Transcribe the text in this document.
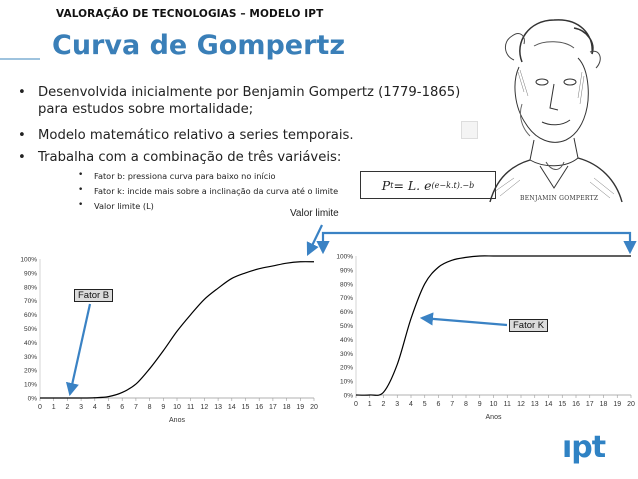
VALORAÇÃO DE TECNOLOGIAS – MODELO IPT
Curva de Gompertz
• Desenvolvida inicialmente por Benjamin Gompertz (1779-1865)
para estudos sobre mortalidade;
• Modelo matemático relativo a series temporais.
• Trabalha com a combinação de três variáveis:
• Fator b: pressiona curva para baixo no início
• Fator k: incide mais sobre a inclinação da curva até o limite
• Valor limite (L)
P t = L. e (e−k.t).−b
BENJAMIN GOMPERTZ
0%
10%
20%
30%
40%
50%
60%
70%
80%
90%
100%
0 1 2 3 4 5 6 7 8 9 10 11 12 13 14 15 16 17 18 19 20
Anos
0%
10%
20%
30%
40%
50%
60%
70%
80%
90%
100%
0 1 2 3 4 5 6 7 8 9 10 11 12 13 14 15 16 17 18 19 20
Anos
Valor limite
Fator B
Fator K
ıpt
